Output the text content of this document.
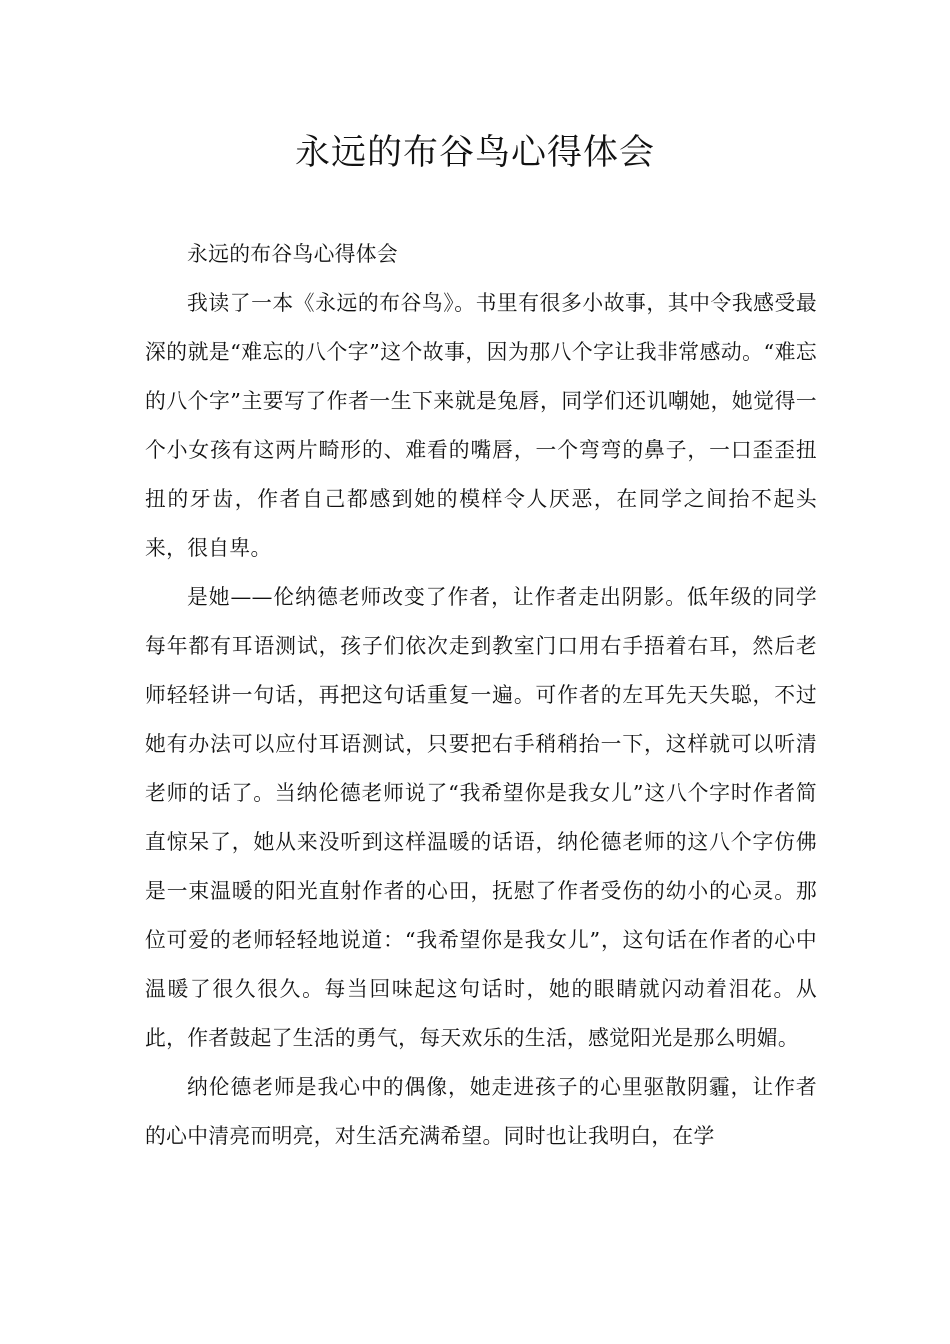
永远的布谷鸟心得体会

永远的布谷鸟心得体会

我读了一本《永远的布谷鸟》。书里有很多小故事，其中令我感受最深的就是“难忘的八个字”这个故事，因为那八个字让我非常感动。“难忘的八个字”主要写了作者一生下来就是兔唇，同学们还讥嘲她，她觉得一个小女孩有这两片畸形的、难看的嘴唇，一个弯弯的鼻子，一口歪歪扭扭的牙齿，作者自己都感到她的模样令人厌恶，在同学之间抬不起头来，很自卑。

是她——伦纳德老师改变了作者，让作者走出阴影。低年级的同学每年都有耳语测试，孩子们依次走到教室门口用右手捂着右耳，然后老师轻轻讲一句话，再把这句话重复一遍。可作者的左耳先天失聪，不过她有办法可以应付耳语测试，只要把右手稍稍抬一下，这样就可以听清老师的话了。当纳伦德老师说了“我希望你是我女儿”这八个字时作者简直惊呆了，她从来没听到这样温暖的话语，纳伦德老师的这八个字仿佛是一束温暖的阳光直射作者的心田，抚慰了作者受伤的幼小的心灵。那位可爱的老师轻轻地说道：“我希望你是我女儿”，这句话在作者的心中温暖了很久很久。每当回味起这句话时，她的眼睛就闪动着泪花。从此，作者鼓起了生活的勇气，每天欢乐的生活，感觉阳光是那么明媚。

纳伦德老师是我心中的偶像，她走进孩子的心里驱散阴霾，让作者的心中清亮而明亮，对生活充满希望。同时也让我明白，在学
